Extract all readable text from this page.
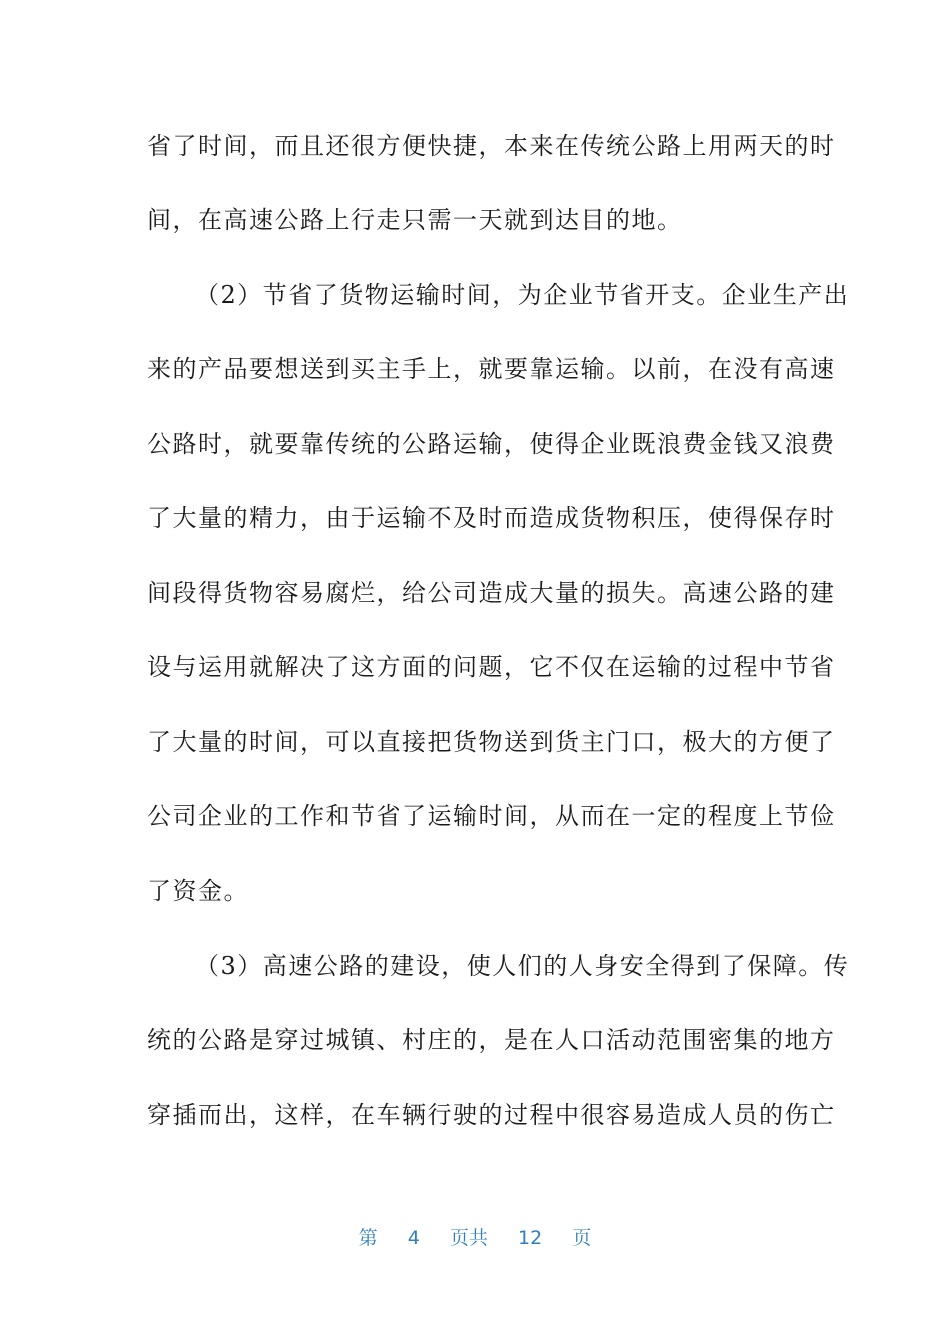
省了时间，而且还很方便快捷，本来在传统公路上用两天的时
间，在高速公路上行走只需一天就到达目的地。
（2）节省了货物运输时间，为企业节省开支。企业生产出
来的产品要想送到买主手上，就要靠运输。以前，在没有高速
公路时，就要靠传统的公路运输，使得企业既浪费金钱又浪费
了大量的精力，由于运输不及时而造成货物积压，使得保存时
间段得货物容易腐烂，给公司造成大量的损失。高速公路的建
设与运用就解决了这方面的问题，它不仅在运输的过程中节省
了大量的时间，可以直接把货物送到货主门口，极大的方便了
公司企业的工作和节省了运输时间，从而在一定的程度上节俭
了资金。
（3）高速公路的建设，使人们的人身安全得到了保障。传
统的公路是穿过城镇、村庄的，是在人口活动范围密集的地方
穿插而出，这样，在车辆行驶的过程中很容易造成人员的伤亡
第 4 页共 12 页
